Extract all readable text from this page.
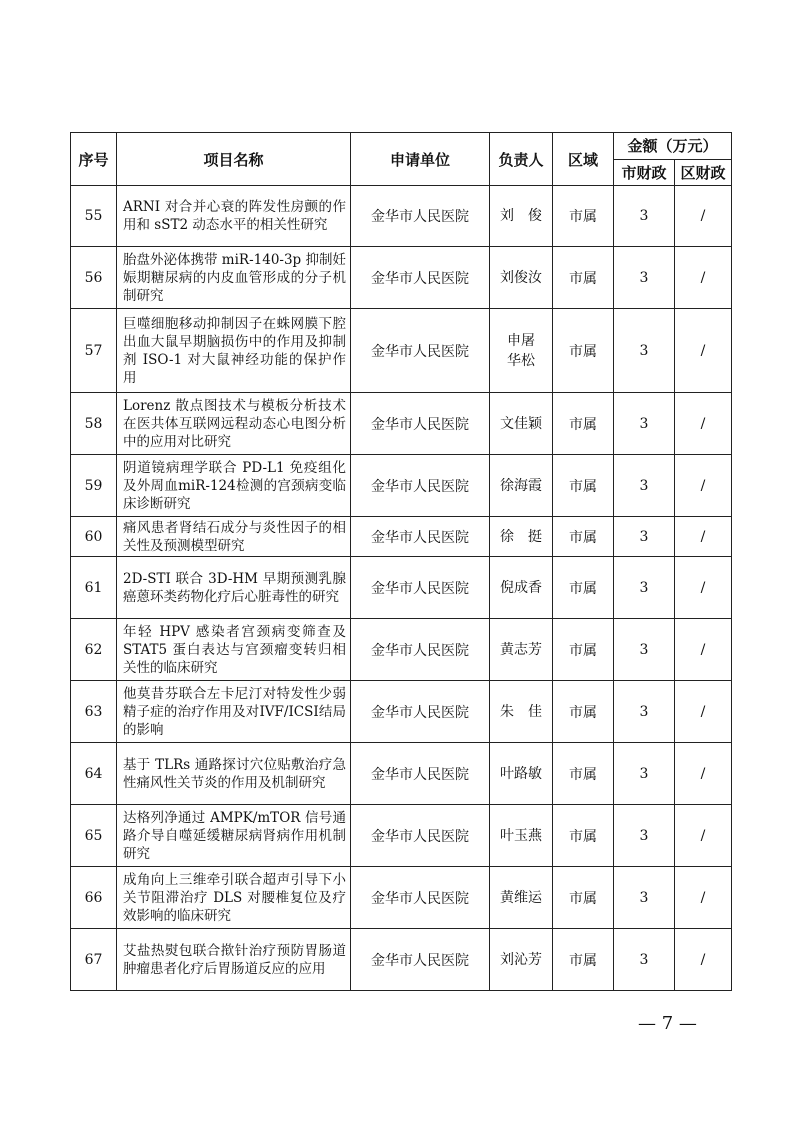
序号	项目名称	申请单位	负责人	区域	金额（万元）	
					市财政	区财政
55	ARNI 对合并心衰的阵发性房颤的作用和 sST2 动态水平的相关性研究	金华市人民医院	刘　俊	市属	3	/
56	胎盘外泌体携带 miR-140-3p 抑制妊娠期糖尿病的内皮血管形成的分子机制研究	金华市人民医院	刘俊汝	市属	3	/
57	巨噬细胞移动抑制因子在蛛网膜下腔出血大鼠早期脑损伤中的作用及抑制剂 ISO-1 对大鼠神经功能的保护作用	金华市人民医院	申屠华松	市属	3	/
58	Lorenz 散点图技术与模板分析技术在医共体互联网远程动态心电图分析中的应用对比研究	金华市人民医院	文佳颖	市属	3	/
59	阴道镜病理学联合 PD-L1 免疫组化及外周血miR-124检测的宫颈病变临床诊断研究	金华市人民医院	徐海霞	市属	3	/
60	痛风患者肾结石成分与炎性因子的相关性及预测模型研究	金华市人民医院	徐　挺	市属	3	/
61	2D-STI 联合 3D-HM 早期预测乳腺癌蒽环类药物化疗后心脏毒性的研究	金华市人民医院	倪成香	市属	3	/
62	年轻 HPV 感染者宫颈病变筛查及 STAT5 蛋白表达与宫颈瘤变转归相关性的临床研究	金华市人民医院	黄志芳	市属	3	/
63	他莫昔芬联合左卡尼汀对特发性少弱精子症的治疗作用及对IVF/ICSI结局的影响	金华市人民医院	朱　佳	市属	3	/
64	基于 TLRs 通路探讨穴位贴敷治疗急性痛风性关节炎的作用及机制研究	金华市人民医院	叶路敏	市属	3	/
65	达格列净通过 AMPK/mTOR 信号通路介导自噬延缓糖尿病肾病作用机制研究	金华市人民医院	叶玉燕	市属	3	/
66	成角向上三维牵引联合超声引导下小关节阻滞治疗 DLS 对腰椎复位及疗效影响的临床研究	金华市人民医院	黄维运	市属	3	/
67	艾盐热熨包联合揿针治疗预防胃肠道肿瘤患者化疗后胃肠道反应的应用	金华市人民医院	刘沁芳	市属	3	/
— 7 —
